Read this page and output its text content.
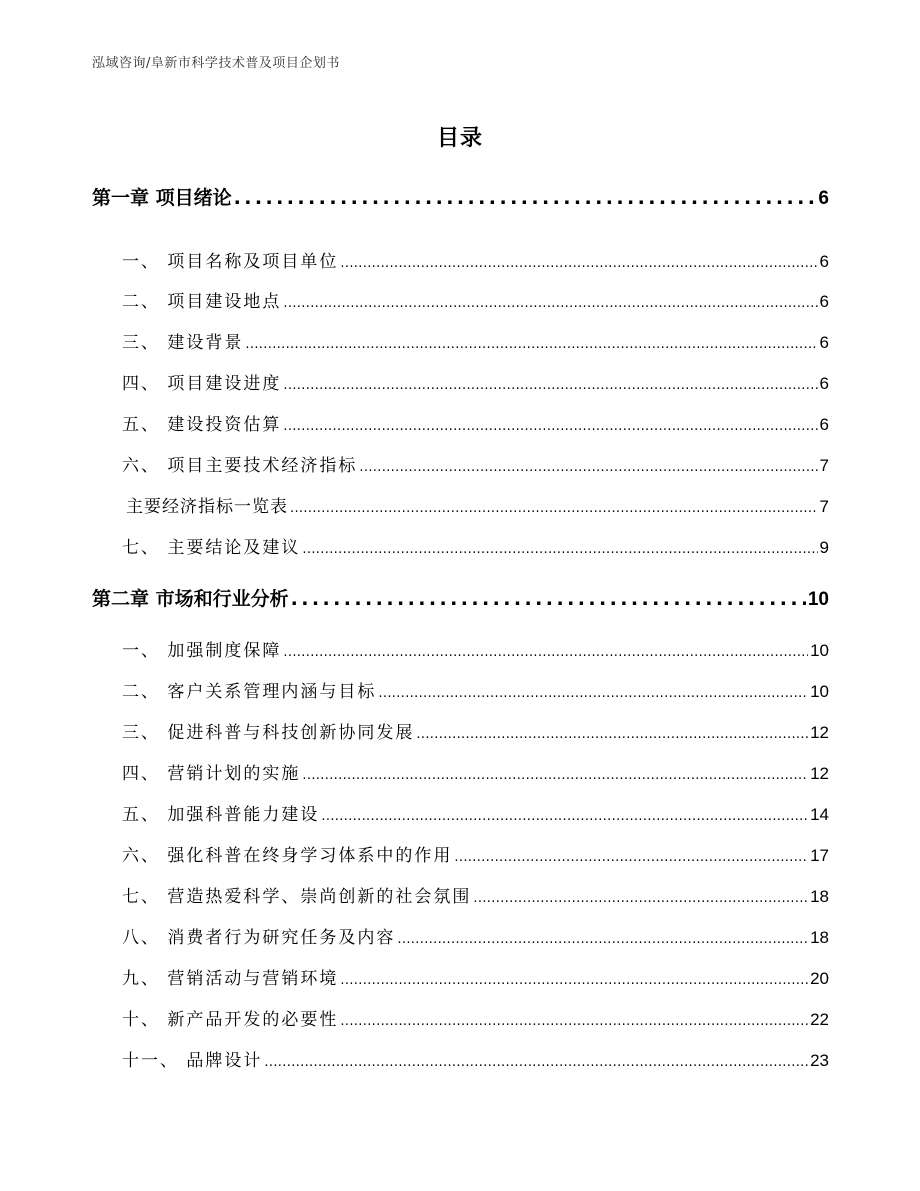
泓域咨询/阜新市科学技术普及项目企划书
目录
第一章 项目绪论 . . .	6
一、 项目名称及项目单位 . . .	6
二、 项目建设地点 . . .	6
三、 建设背景 . . .	6
四、 项目建设进度 . . .	6
五、 建设投资估算 . . .	6
六、 项目主要技术经济指标 . . .	7
主要经济指标一览表 . . .	7
七、 主要结论及建议 . . .	9
第二章 市场和行业分析 . . .	10
一、 加强制度保障 . . .	10
二、 客户关系管理内涵与目标 . . .	10
三、 促进科普与科技创新协同发展 . . .	12
四、 营销计划的实施 . . .	12
五、 加强科普能力建设 . . .	14
六、 强化科普在终身学习体系中的作用 . . .	17
七、 营造热爱科学、崇尚创新的社会氛围 . . .	18
八、 消费者行为研究任务及内容 . . .	18
九、 营销活动与营销环境 . . .	20
十、 新产品开发的必要性 . . .	22
十一、 品牌设计 . . .	23
